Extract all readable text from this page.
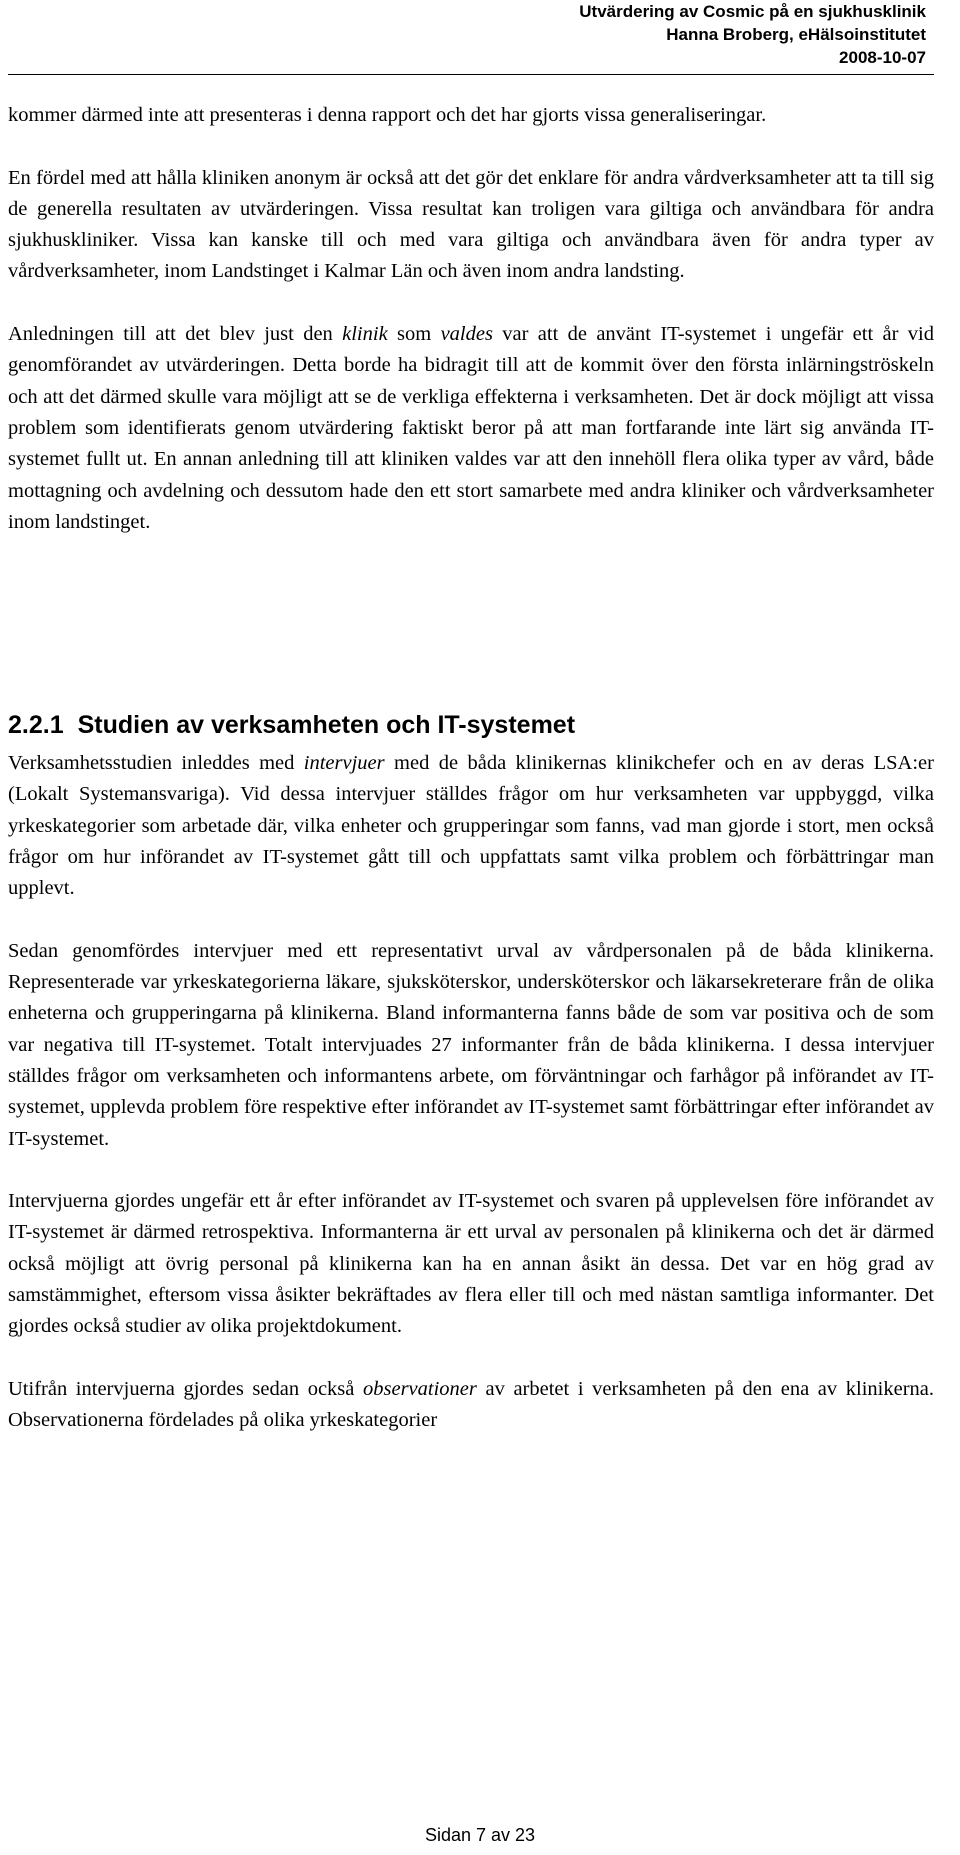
Utvärdering av Cosmic på en sjukhusklinik
Hanna Broberg, eHälsoinstitutet
2008-10-07

kommer därmed inte att presenteras i denna rapport och det har gjorts vissa generaliseringar.

En fördel med att hålla kliniken anonym är också att det gör det enklare för andra vårdverksamheter att ta till sig de generella resultaten av utvärderingen. Vissa resultat kan troligen vara giltiga och användbara för andra sjukhuskliniker. Vissa kan kanske till och med vara giltiga och användbara även för andra typer av vårdverksamheter, inom Landstinget i Kalmar Län och även inom andra landsting.

Anledningen till att det blev just den klinik som valdes var att de använt IT-systemet i ungefär ett år vid genomförandet av utvärderingen. Detta borde ha bidragit till att de kommit över den första inlärningströskeln och att det därmed skulle vara möjligt att se de verkliga effekterna i verksamheten. Det är dock möjligt att vissa problem som identifierats genom utvärdering faktiskt beror på att man fortfarande inte lärt sig använda IT-systemet fullt ut. En annan anledning till att kliniken valdes var att den innehöll flera olika typer av vård, både mottagning och avdelning och dessutom hade den ett stort samarbete med andra kliniker och vårdverksamheter inom landstinget.

2.2.1 Studien av verksamheten och IT-systemet

Verksamhetsstudien inleddes med intervjuer med de båda klinikernas klinikchefer och en av deras LSA:er (Lokalt Systemansvariga). Vid dessa intervjuer ställdes frågor om hur verksamheten var uppbyggd, vilka yrkeskategorier som arbetade där, vilka enheter och grupperingar som fanns, vad man gjorde i stort, men också frågor om hur införandet av IT-systemet gått till och uppfattats samt vilka problem och förbättringar man upplevt.

Sedan genomfördes intervjuer med ett representativt urval av vårdpersonalen på de båda klinikerna. Representerade var yrkeskategorierna läkare, sjuksköterskor, undersköterskor och läkarsekreterare från de olika enheterna och grupperingarna på klinikerna. Bland informanterna fanns både de som var positiva och de som var negativa till IT-systemet. Totalt intervjuades 27 informanter från de båda klinikerna. I dessa intervjuer ställdes frågor om verksamheten och informantens arbete, om förväntningar och farhågor på införandet av IT-systemet, upplevda problem före respektive efter införandet av IT-systemet samt förbättringar efter införandet av IT-systemet.

Intervjuerna gjordes ungefär ett år efter införandet av IT-systemet och svaren på upplevelsen före införandet av IT-systemet är därmed retrospektiva. Informanterna är ett urval av personalen på klinikerna och det är därmed också möjligt att övrig personal på klinikerna kan ha en annan åsikt än dessa. Det var en hög grad av samstämmighet, eftersom vissa åsikter bekräftades av flera eller till och med nästan samtliga informanter. Det gjordes också studier av olika projektdokument.

Utifrån intervjuerna gjordes sedan också observationer av arbetet i verksamheten på den ena av klinikerna. Observationerna fördelades på olika yrkeskategorier

Sidan 7 av 23
